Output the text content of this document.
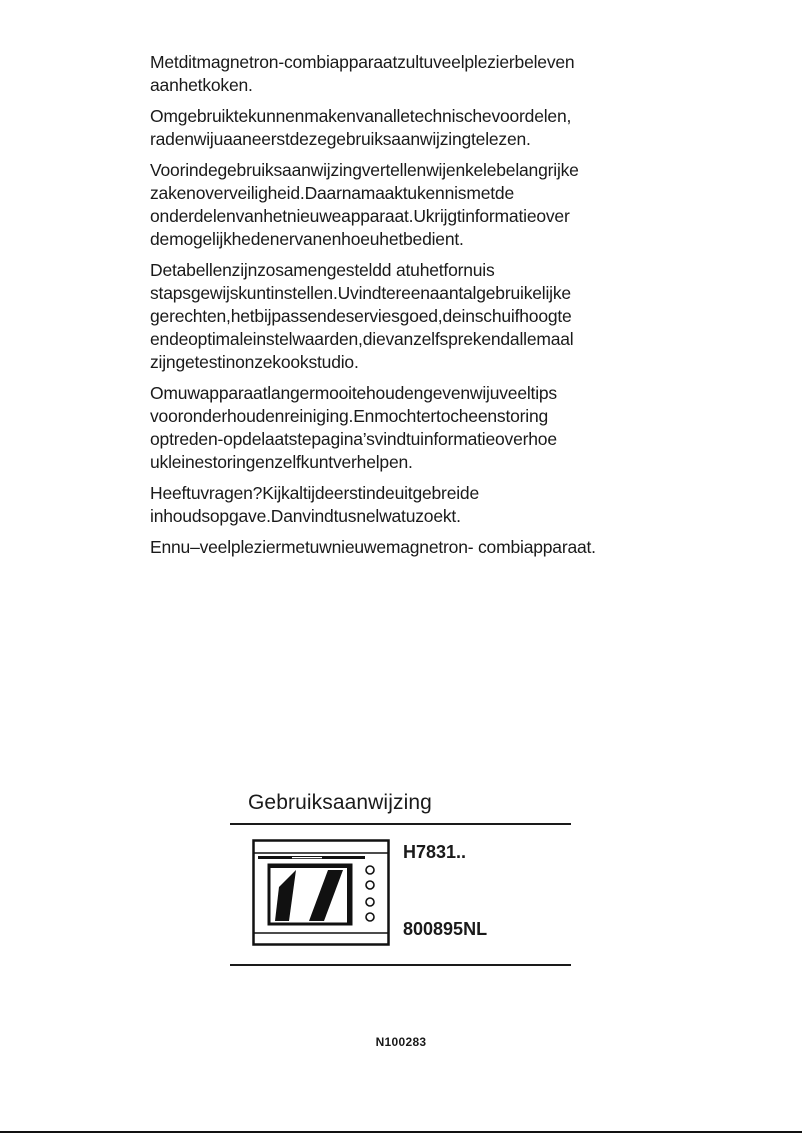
Metditmagnetron-combiapparaatzultuveelplezierbeleven aanhetkoken.

Omgebruiktekunnenmakenvanalletechnischevoordelen, radenwijuaaneerstdezegebruiksaanwijzingtelezen.

Voorindegebruiksaanwijzingvertellenwijenkelebelangrijke zakenoverveiligheid.Daarnamaaktukennismetde onderdelenvanhetnieuweapparaat.Ukrijgtinformatieover demogelijkhedenervanenhoeuhetbedient.

Detabellenzijnzosamengesteldd atuhetfornuis stapsgewijskuntinstellen.Uvindtereenaantalgebruikelijke gerechten,hetbijpassendeserviesgoed,deinschuifhoogte endeoptimaleinstelwaarden,dievanzelfsprekendallemaal zijngetestinonzekookstudio.

Omuwapparaatlangermooitehoudengevenwijuveeltips vooronderhoudenreiniging.Enmochtertocheenstoring optreden-opdelaatstepagina’svindtuinformatieoverhoe ukleinestoringenzelfkuntverhelpen.

Heeftuvragen?Kijkaltijdeerstindeuitgebreide inhoudsopgave.Danvindtusnelwatuzoekt.

Ennu–veelpleziermetuwnieuwemagnetron- combiapparaat.

Gebruiksaanwijzing
H7831..
800895NL
N100283
